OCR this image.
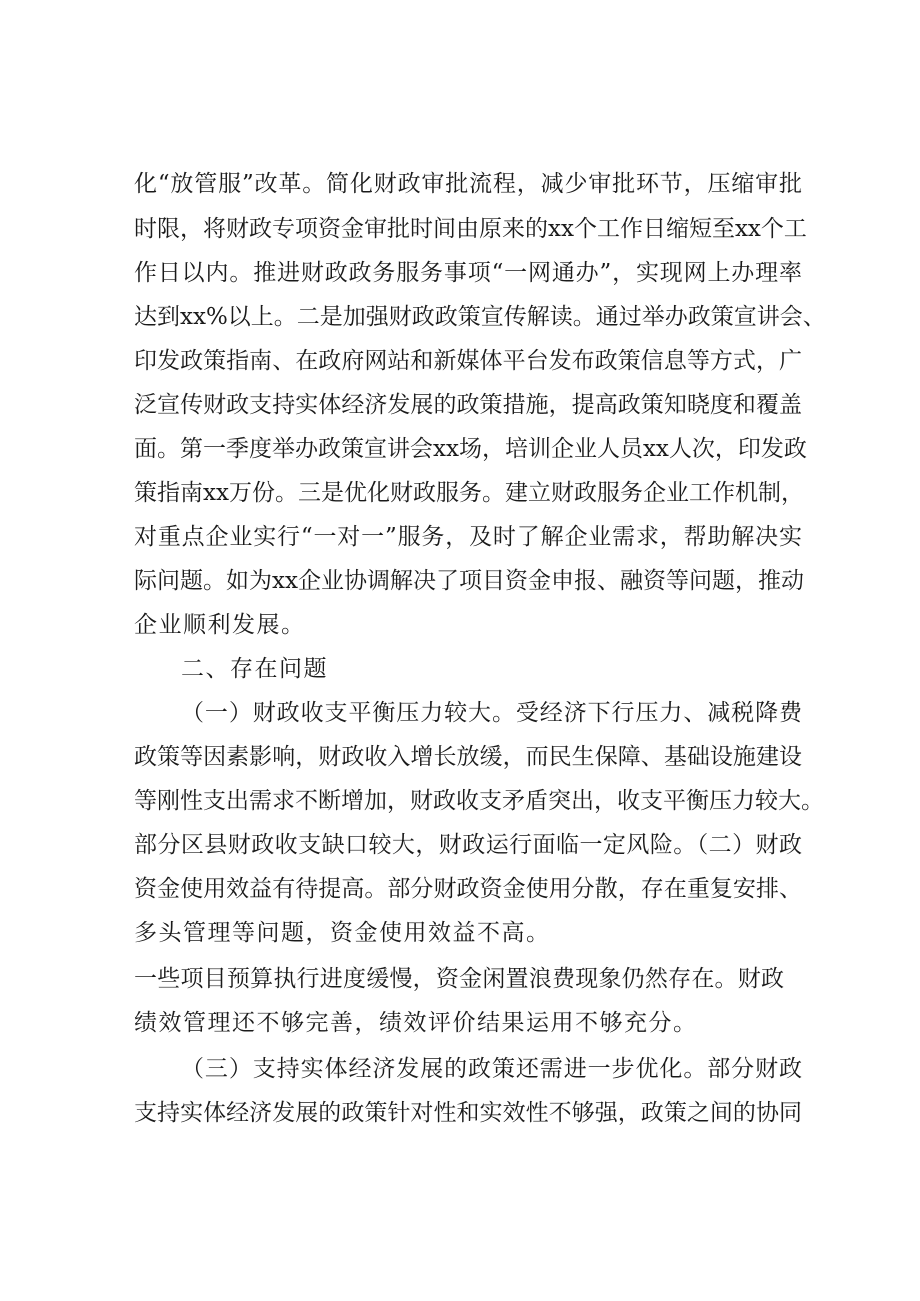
化“放管服”改革。简化财政审批流程，减少审批环节，压缩审批

时限，将财政专项资金审批时间由原来的xx个工作日缩短至xx个工

作日以内。推进财政政务服务事项“一网通办”，实现网上办理率

达到xx%以上。二是加强财政政策宣传解读。通过举办政策宣讲会、

印发政策指南、在政府网站和新媒体平台发布政策信息等方式，广

泛宣传财政支持实体经济发展的政策措施，提高政策知晓度和覆盖

面。第一季度举办政策宣讲会xx场，培训企业人员xx人次，印发政

策指南xx万份。三是优化财政服务。建立财政服务企业工作机制，

对重点企业实行“一对一”服务，及时了解企业需求，帮助解决实

际问题。如为xx企业协调解决了项目资金申报、融资等问题，推动

企业顺利发展。

二、存在问题

（一）财政收支平衡压力较大。受经济下行压力、减税降费

政策等因素影响，财政收入增长放缓，而民生保障、基础设施建设

等刚性支出需求不断增加，财政收支矛盾突出，收支平衡压力较大。

部分区县财政收支缺口较大，财政运行面临一定风险。（二）财政

资金使用效益有待提高。部分财政资金使用分散，存在重复安排、

多头管理等问题，资金使用效益不高。

一些项目预算执行进度缓慢，资金闲置浪费现象仍然存在。财政

绩效管理还不够完善，绩效评价结果运用不够充分。

（三）支持实体经济发展的政策还需进一步优化。部分财政

支持实体经济发展的政策针对性和实效性不够强，政策之间的协同
